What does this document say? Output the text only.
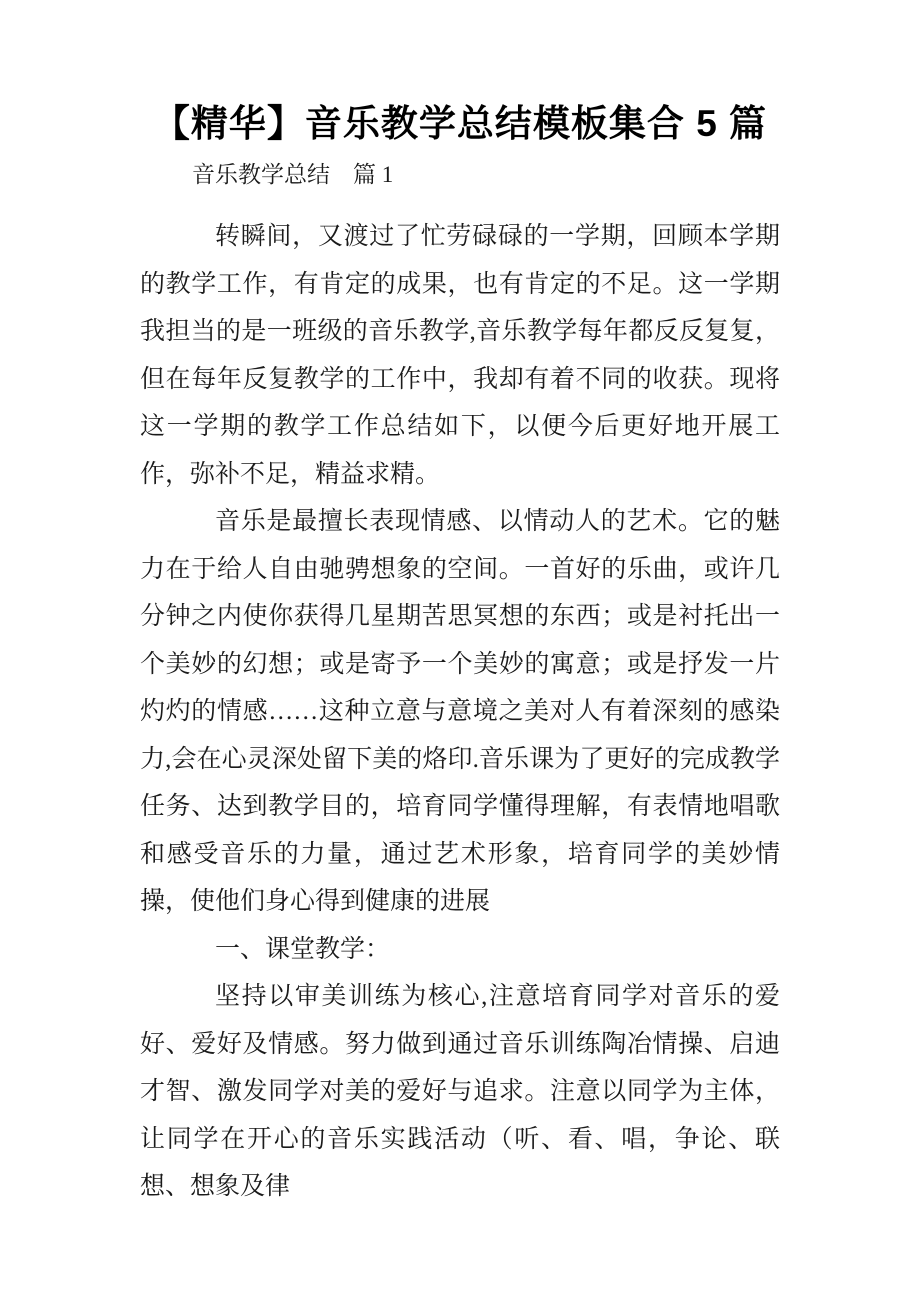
【精华】音乐教学总结模板集合 5 篇

音乐教学总结　篇 1

转瞬间，又渡过了忙劳碌碌的一学期，回顾本学期的教学工作，有肯定的成果，也有肯定的不足。这一学期我担当的是一班级的音乐教学,音乐教学每年都反反复复，但在每年反复教学的工作中，我却有着不同的收获。现将这一学期的教学工作总结如下，以便今后更好地开展工作，弥补不足，精益求精。

音乐是最擅长表现情感、以情动人的艺术。它的魅力在于给人自由驰骋想象的空间。一首好的乐曲，或许几分钟之内使你获得几星期苦思冥想的东西；或是衬托出一个美妙的幻想；或是寄予一个美妙的寓意；或是抒发一片灼灼的情感……这种立意与意境之美对人有着深刻的感染力,会在心灵深处留下美的烙印.音乐课为了更好的完成教学任务、达到教学目的，培育同学懂得理解，有表情地唱歌和感受音乐的力量，通过艺术形象，培育同学的美妙情操，使他们身心得到健康的进展

一、课堂教学：

坚持以审美训练为核心,注意培育同学对音乐的爱好、爱好及情感。努力做到通过音乐训练陶冶情操、启迪才智、激发同学对美的爱好与追求。注意以同学为主体，让同学在开心的音乐实践活动（听、看、唱，争论、联想、想象及律
